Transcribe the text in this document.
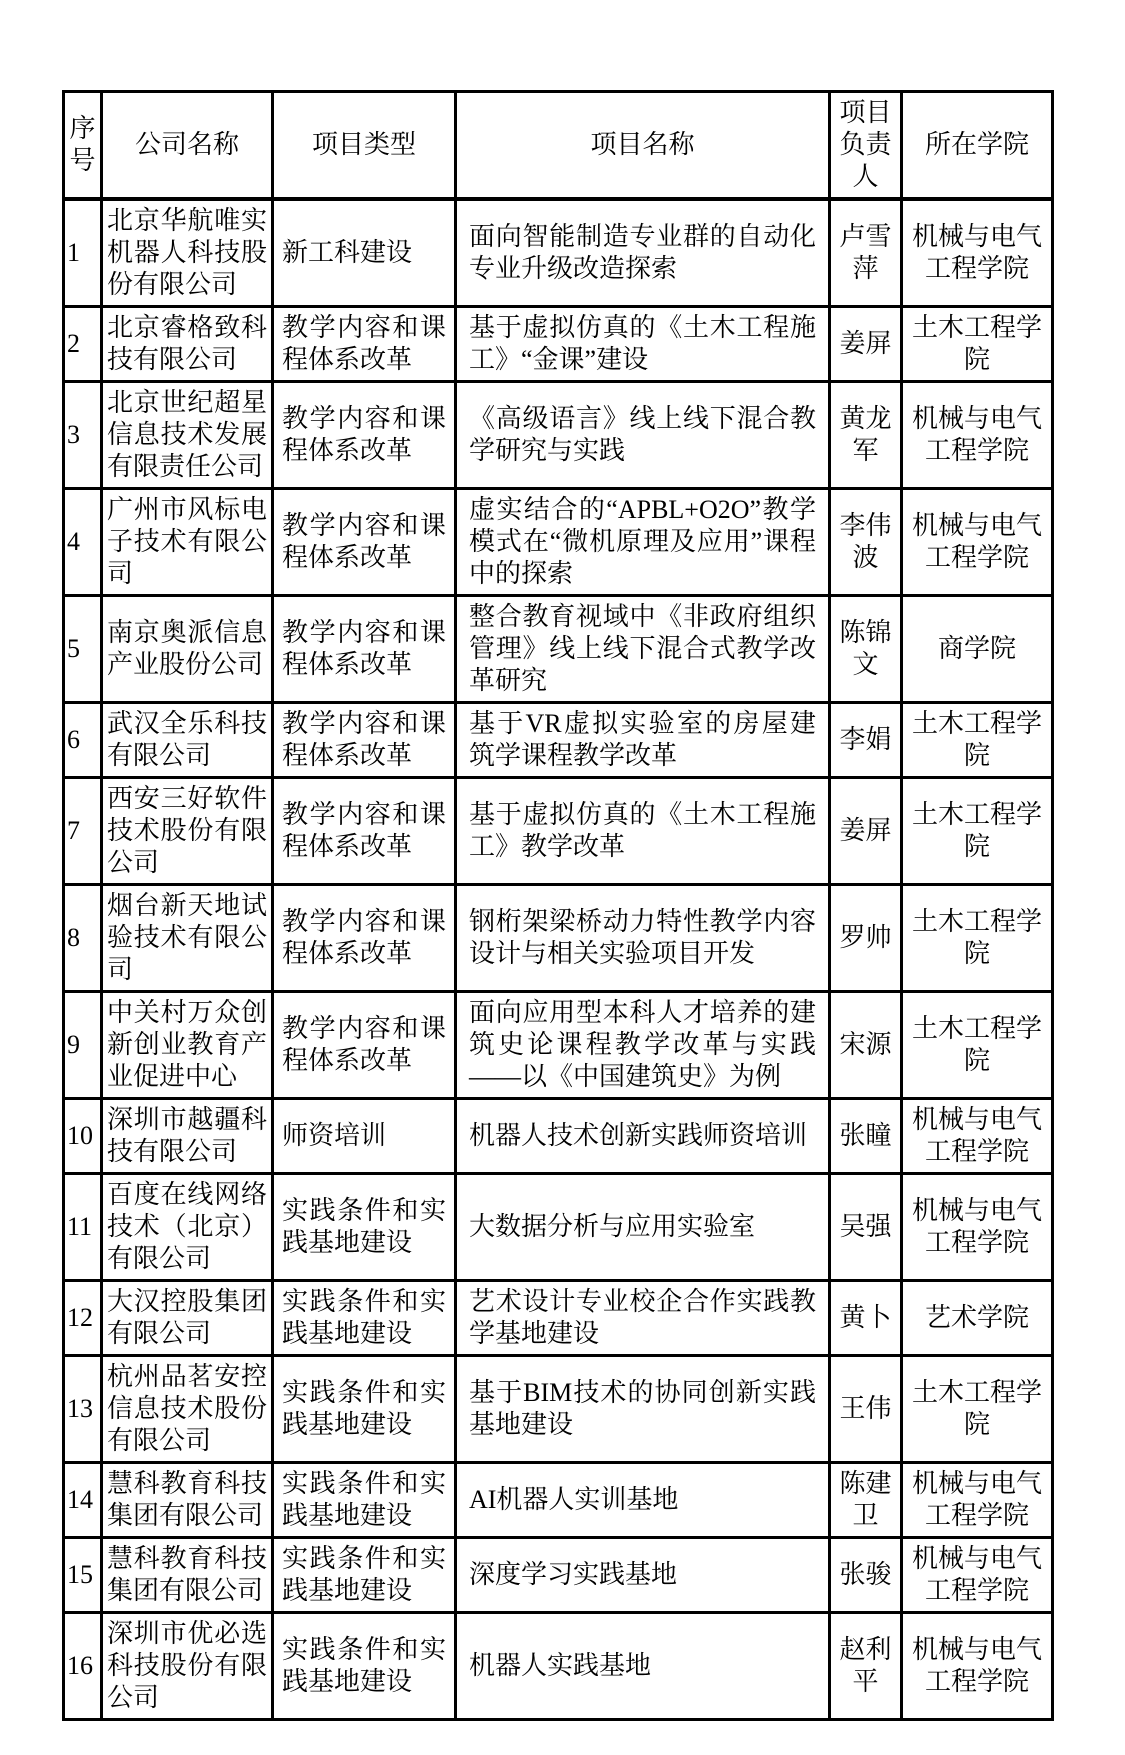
序号	公司名称	项目类型	项目名称	项目负责人	所在学院
1	北京华航唯实机器人科技股份有限公司	新工科建设	面向智能制造专业群的自动化专业升级改造探索	卢雪萍	机械与电气工程学院
2	北京睿格致科技有限公司	教学内容和课程体系改革	基于虚拟仿真的《土木工程施工》“金课”建设	姜屏	土木工程学院
3	北京世纪超星信息技术发展有限责任公司	教学内容和课程体系改革	《高级语言》线上线下混合教学研究与实践	黄龙军	机械与电气工程学院
4	广州市风标电子技术有限公司	教学内容和课程体系改革	虚实结合的“APBL+O2O”教学模式在“微机原理及应用”课程中的探索	李伟波	机械与电气工程学院
5	南京奥派信息产业股份公司	教学内容和课程体系改革	整合教育视域中《非政府组织管理》线上线下混合式教学改革研究	陈锦文	商学院
6	武汉全乐科技有限公司	教学内容和课程体系改革	基于VR虚拟实验室的房屋建筑学课程教学改革	李娟	土木工程学院
7	西安三好软件技术股份有限公司	教学内容和课程体系改革	基于虚拟仿真的《土木工程施工》教学改革	姜屏	土木工程学院
8	烟台新天地试验技术有限公司	教学内容和课程体系改革	钢桁架梁桥动力特性教学内容设计与相关实验项目开发	罗帅	土木工程学院
9	中关村万众创新创业教育产业促进中心	教学内容和课程体系改革	面向应用型本科人才培养的建筑史论课程教学改革与实践——以《中国建筑史》为例	宋源	土木工程学院
10	深圳市越疆科技有限公司	师资培训	机器人技术创新实践师资培训	张瞳	机械与电气工程学院
11	百度在线网络技术（北京）有限公司	实践条件和实践基地建设	大数据分析与应用实验室	吴强	机械与电气工程学院
12	大汉控股集团有限公司	实践条件和实践基地建设	艺术设计专业校企合作实践教学基地建设	黄卜	艺术学院
13	杭州品茗安控信息技术股份有限公司	实践条件和实践基地建设	基于BIM技术的协同创新实践基地建设	王伟	土木工程学院
14	慧科教育科技集团有限公司	实践条件和实践基地建设	AI机器人实训基地	陈建卫	机械与电气工程学院
15	慧科教育科技集团有限公司	实践条件和实践基地建设	深度学习实践基地	张骏	机械与电气工程学院
16	深圳市优必选科技股份有限公司	实践条件和实践基地建设	机器人实践基地	赵利平	机械与电气工程学院
